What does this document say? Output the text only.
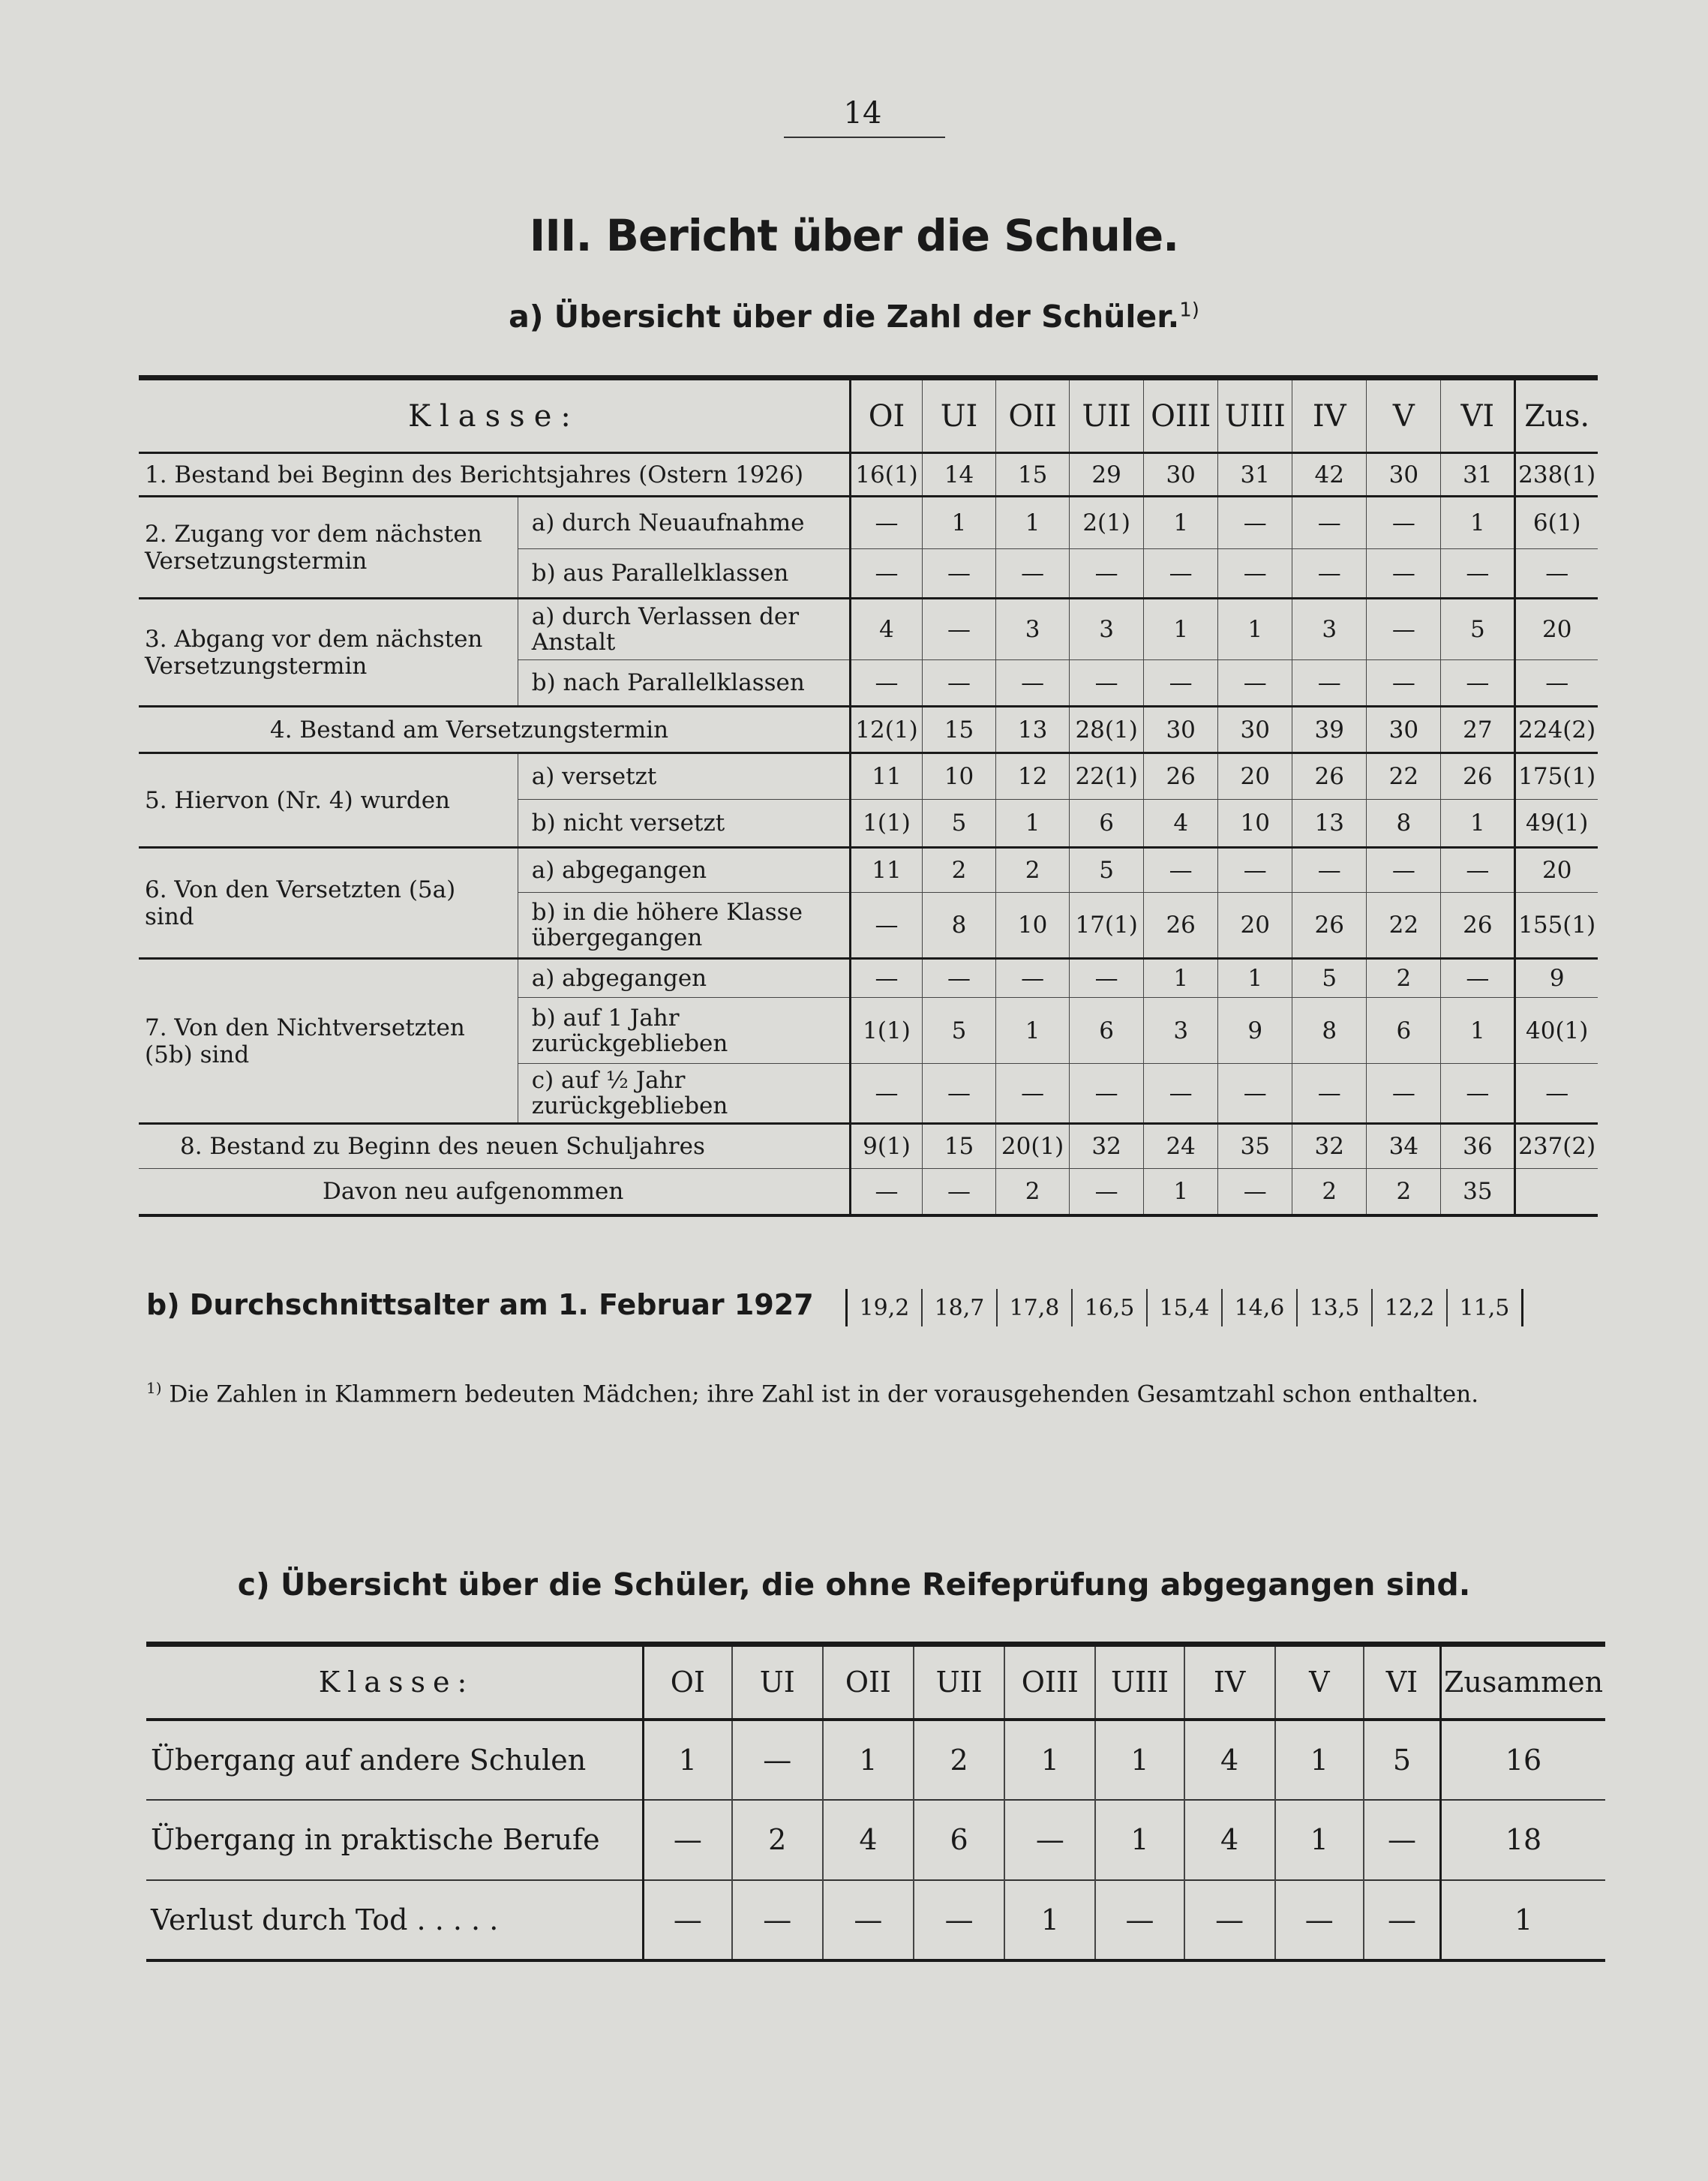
14
III. Bericht über die Schule.
a) Übersicht über die Zahl der Schüler.$^{1)}$
Klasse:		OI	UI	OII	UII	OIII	UIII	IV	V	VI	Zus.
1. Bestand bei Beginn des Berichtsjahres (Ostern 1926)		16(1)	14	15	29	30	31	42	30	31	238(1)
2. Zugang vor dem nächsten Versetzungstermin	a) durch Neuaufnahme	—	1	1	2(1)	1	—	—	—	1	6(1)
	b) aus Parallelklassen	—	—	—	—	—	—	—	—	—	—
3. Abgang vor dem nächsten Versetzungstermin	a) durch Verlassen der Anstalt	4	—	3	3	1	1	3	—	5	20
	b) nach Parallelklassen	—	—	—	—	—	—	—	—	—	—
4. Bestand am Versetzungstermin		12(1)	15	13	28(1)	30	30	39	30	27	224(2)
5. Hiervon (Nr. 4) wurden	a) versetzt	11	10	12	22(1)	26	20	26	22	26	175(1)
	b) nicht versetzt	1(1)	5	1	6	4	10	13	8	1	49(1)
6. Von den Versetzten (5a) sind	a) abgegangen	11	2	2	5	—	—	—	—	—	20
	b) in die höhere Klasse übergegangen	—	8	10	17(1)	26	20	26	22	26	155(1)
7. Von den Nichtversetzten (5b) sind	a) abgegangen	—	—	—	—	1	1	5	2	—	9
	b) auf 1 Jahr zurückgeblieben	1(1)	5	1	6	3	9	8	6	1	40(1)
	c) auf ½ Jahr zurückgeblieben	—	—	—	—	—	—	—	—	—	—
8. Bestand zu Beginn des neuen Schuljahres		9(1)	15	20(1)	32	24	35	32	34	36	237(2)
Davon neu aufgenommen		—	—	2	—	1	—	2	2	35	
b) Durchschnittsalter am 1. Februar 1927 19,2	18,7	17,8	16,5	15,4	14,6	13,5	12,2	11,5	
$^{1)}$ Die Zahlen in Klammern bedeuten Mädchen; ihre Zahl ist in der vorausgehenden Gesamtzahl schon enthalten.
c) Übersicht über die Schüler, die ohne Reifeprüfung abgegangen sind.
Klasse:	OI	UI	OII	UII	OIII	UIII	IV	V	VI	Zusammen
Übergang auf andere Schulen	1	—	1	2	1	1	4	1	5	16
Übergang in praktische Berufe	—	2	4	6	—	1	4	1	—	18
Verlust durch Tod . . . . .	—	—	—	—	1	—	—	—	—	1
